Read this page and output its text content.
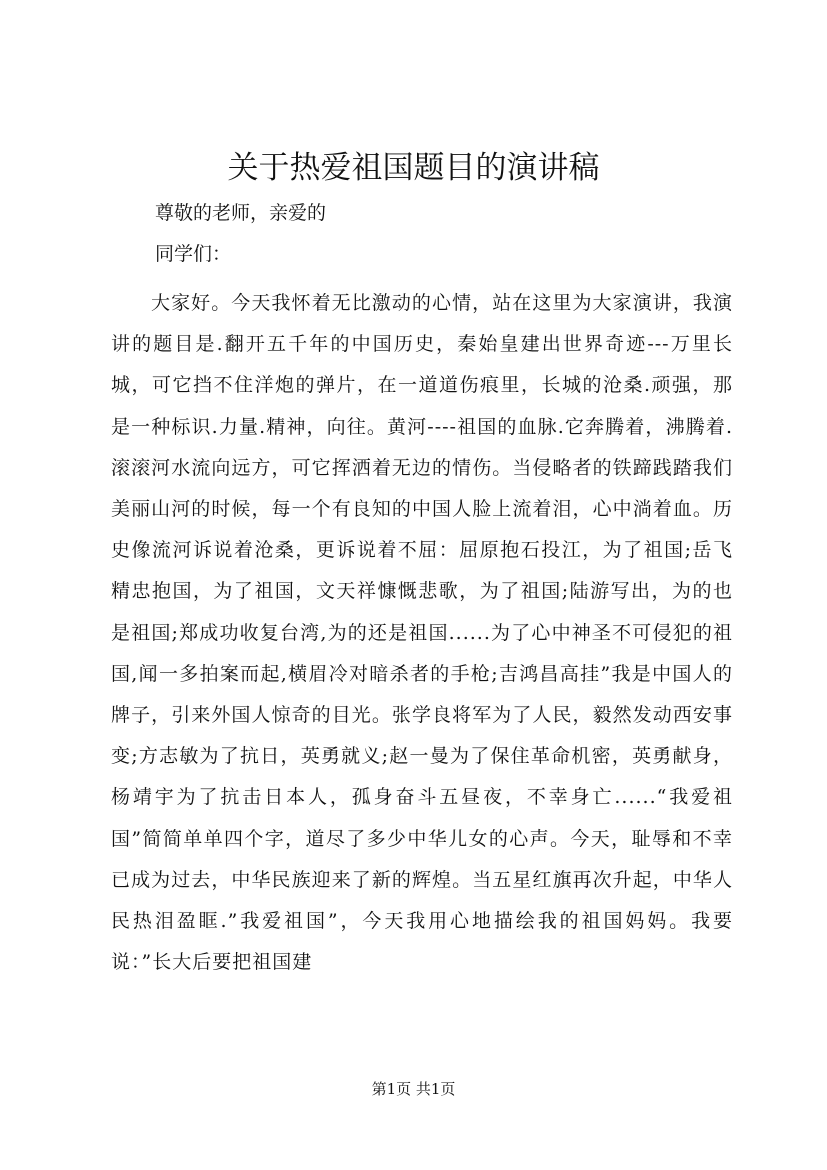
关于热爱祖国题目的演讲稿
尊敬的老师，亲爱的
同学们：

大家好。今天我怀着无比激动的心情，站在这里为大家演讲，我演讲的题目是.翻开五千年的中国历史，秦始皇建出世界奇迹---万里长城，可它挡不住洋炮的弹片，在一道道伤痕里，长城的沧桑.顽强，那是一种标识.力量.精神，向往。黄河----祖国的血脉.它奔腾着，沸腾着.滚滚河水流向远方，可它挥洒着无边的情伤。当侵略者的铁蹄践踏我们美丽山河的时候，每一个有良知的中国人脸上流着泪，心中淌着血。历史像流河诉说着沧桑，更诉说着不屈：屈原抱石投江，为了祖国;岳飞精忠抱国，为了祖国，文天祥慷慨悲歌，为了祖国;陆游写出，为的也是祖国;郑成功收复台湾,为的还是祖国......为了心中神圣不可侵犯的祖国,闻一多拍案而起,横眉冷对暗杀者的手枪;吉鸿昌高挂”我是中国人的牌子，引来外国人惊奇的目光。张学良将军为了人民，毅然发动西安事变;方志敏为了抗日，英勇就义;赵一曼为了保住革命机密，英勇献身，杨靖宇为了抗击日本人，孤身奋斗五昼夜，不幸身亡......“我爱祖国”简简单单四个字，道尽了多少中华儿女的心声。今天，耻辱和不幸已成为过去，中华民族迎来了新的辉煌。当五星红旗再次升起，中华人民热泪盈眶.”我爱祖国”，今天我用心地描绘我的祖国妈妈。我要说：”长大后要把祖国建

第1页 共1页
